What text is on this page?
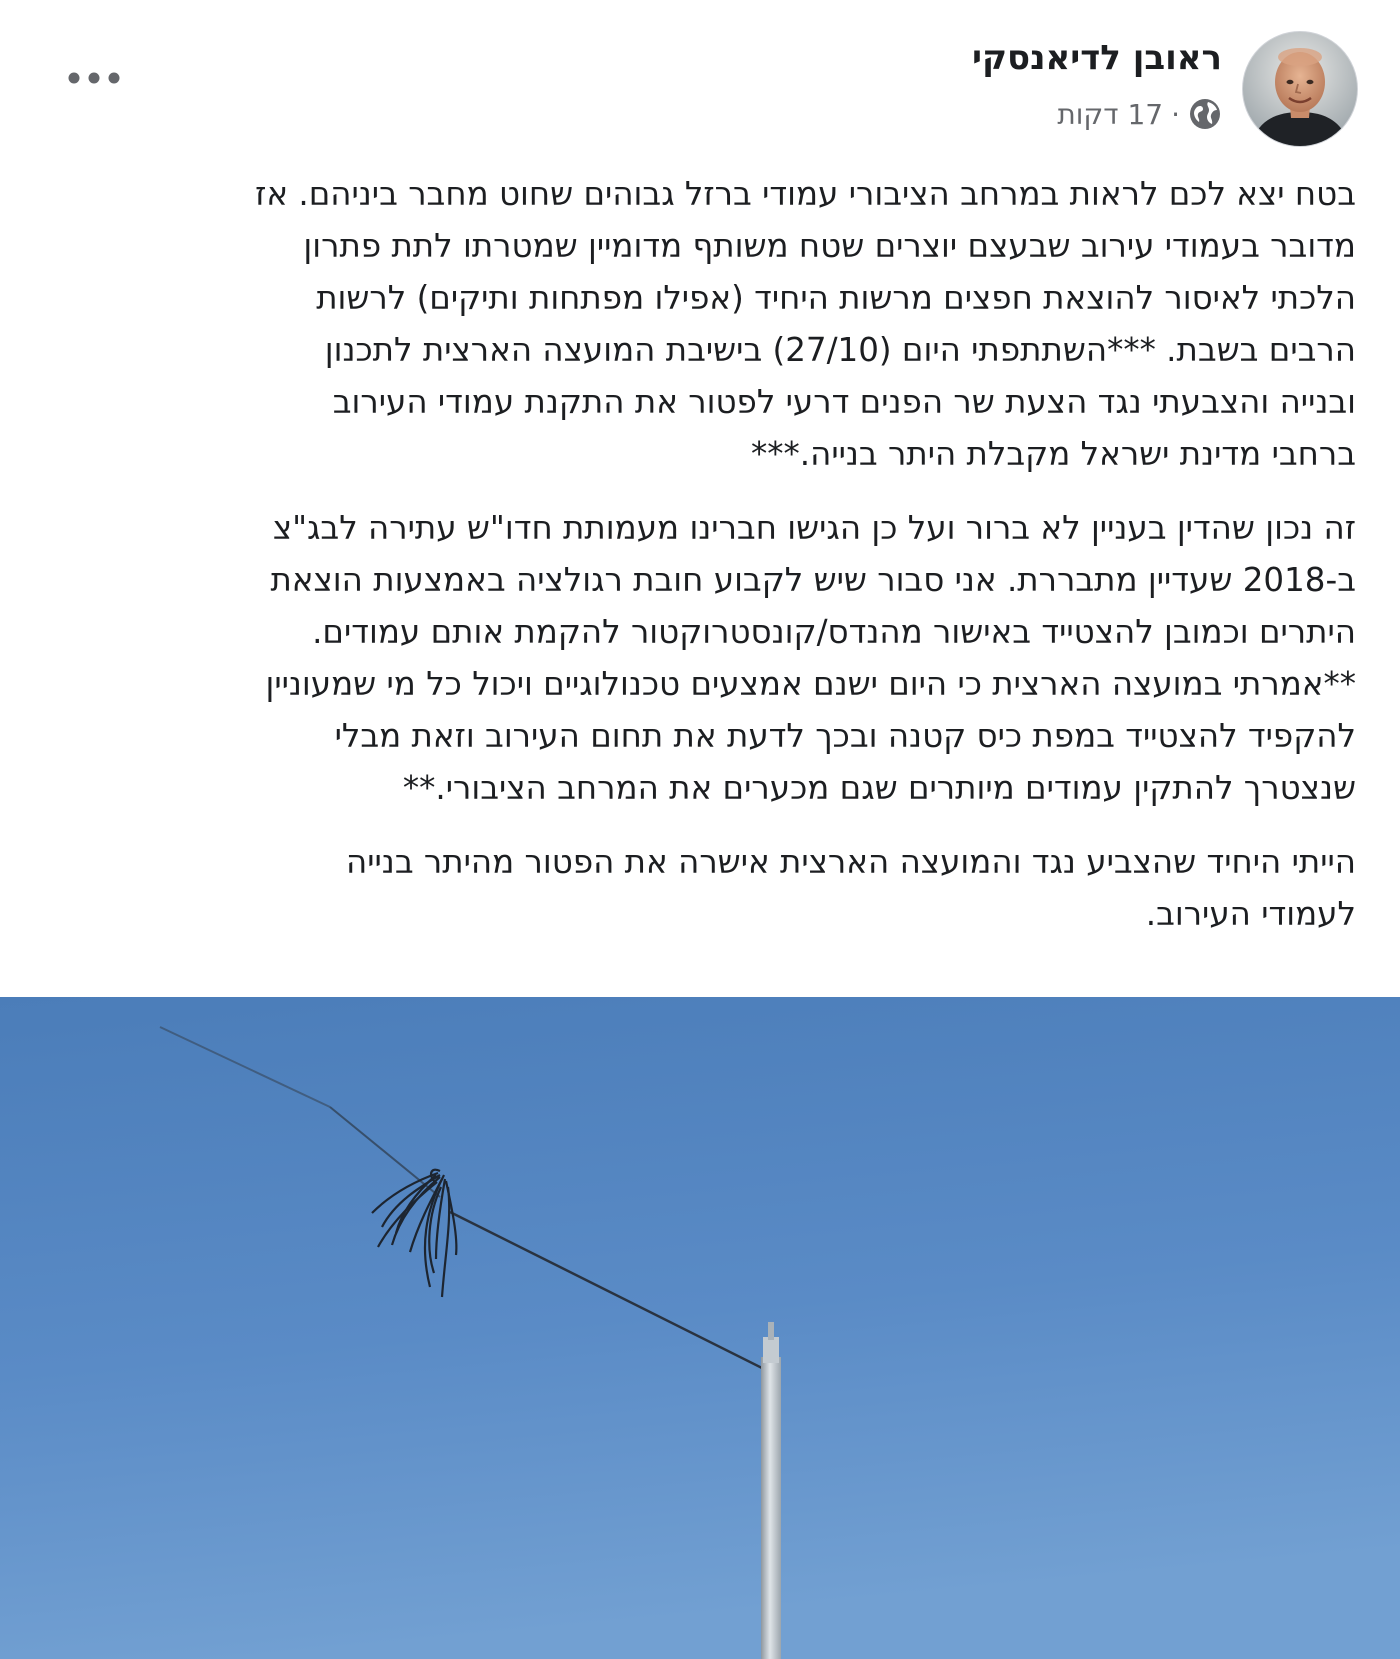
ראובן לדיאנסקי
17 דקות ·

בטח יצא לכם לראות במרחב הציבורי עמודי ברזל גבוהים שחוט מחבר ביניהם. אז
מדובר בעמודי עירוב שבעצם יוצרים שטח משותף מדומיין שמטרתו לתת פתרון
הלכתי לאיסור להוצאת חפצים מרשות היחיד (אפילו מפתחות ותיקים) לרשות
הרבים בשבת. ***השתתפתי היום (27/10) בישיבת המועצה הארצית לתכנון
ובנייה והצבעתי נגד הצעת שר הפנים דרעי לפטור את התקנת עמודי העירוב
ברחבי מדינת ישראל מקבלת היתר בנייה.***

זה נכון שהדין בעניין לא ברור ועל כן הגישו חברינו מעמותת חדו"ש עתירה לבג"צ
ב-2018 שעדיין מתבררת. אני סבור שיש לקבוע חובת רגולציה באמצעות הוצאת
היתרים וכמובן להצטייד באישור מהנדס/קונסטרוקטור להקמת אותם עמודים.
**אמרתי במועצה הארצית כי היום ישנם אמצעים טכנולוגיים ויכול כל מי שמעוניין
להקפיד להצטייד במפת כיס קטנה ובכך לדעת את תחום העירוב וזאת מבלי
שנצטרך להתקין עמודים מיותרים שגם מכערים את המרחב הציבורי.**

הייתי היחיד שהצביע נגד והמועצה הארצית אישרה את הפטור מהיתר בנייה
לעמודי העירוב.
